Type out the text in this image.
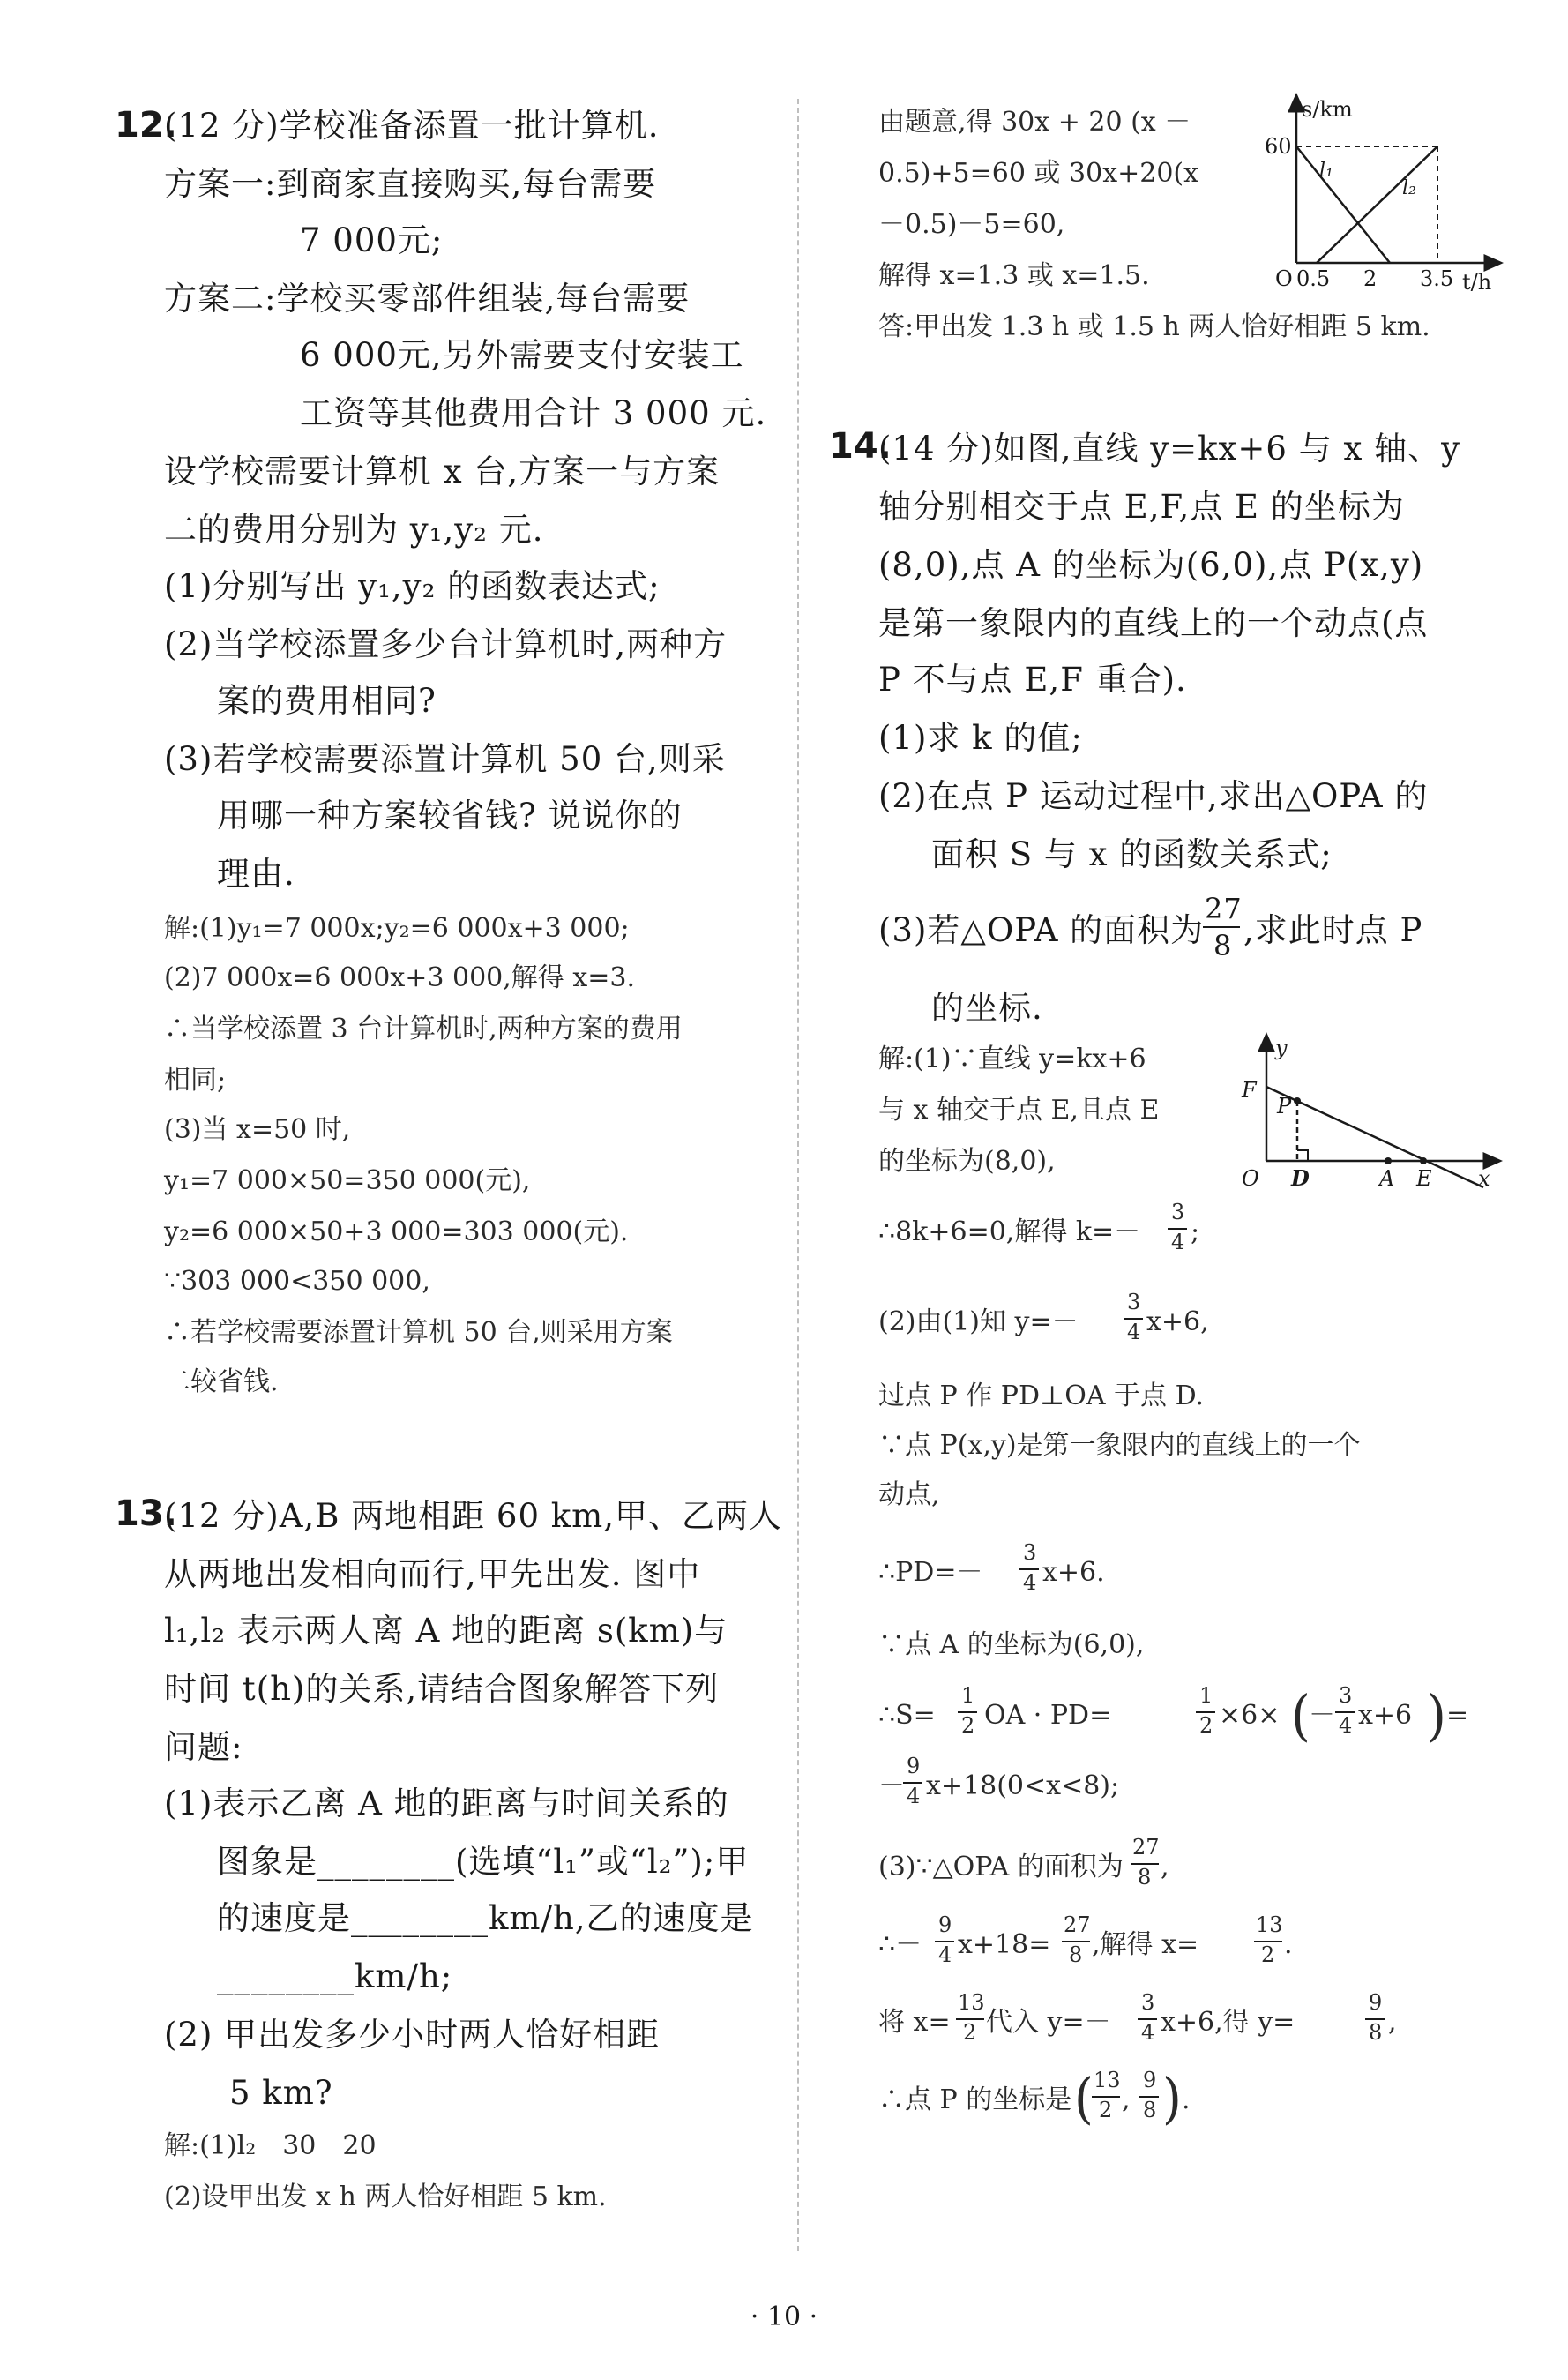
12.
(12 分)学校准备添置一批计算机.
方案一:到商家直接购买,每台需要
7 000元;
方案二:学校买零部件组装,每台需要
6 000元,另外需要支付安装工
工资等其他费用合计 3 000 元.
设学校需要计算机 x 台,方案一与方案
二的费用分别为 y₁,y₂ 元.
(1)分别写出 y₁,y₂ 的函数表达式;
(2)当学校添置多少台计算机时,两种方
案的费用相同?
(3)若学校需要添置计算机 50 台,则采
用哪一种方案较省钱? 说说你的
理由.
解:(1)y₁=7 000x;y₂=6 000x+3 000;
(2)7 000x=6 000x+3 000,解得 x=3.
∴当学校添置 3 台计算机时,两种方案的费用
相同;
(3)当 x=50 时,
y₁=7 000×50=350 000(元),
y₂=6 000×50+3 000=303 000(元).
∵303 000<350 000,
∴若学校需要添置计算机 50 台,则采用方案
二较省钱.
13.
(12 分)A,B 两地相距 60 km,甲、乙两人
从两地出发相向而行,甲先出发. 图中
l₁,l₂ 表示两人离 A 地的距离 s(km)与
时间 t(h)的关系,请结合图象解答下列
问题:
(1)表示乙离 A 地的距离与时间关系的
图象是________(选填“l₁”或“l₂”);甲
的速度是________km/h,乙的速度是
________km/h;
(2) 甲出发多少小时两人恰好相距
5 km?
解:(1)l₂　30　20
(2)设甲出发 x h 两人恰好相距 5 km.
由题意,得 30x + 20 (x －
0.5)+5=60 或 30x+20(x
－0.5)－5=60,
解得 x=1.3 或 x=1.5.
答:甲出发 1.3 h 或 1.5 h 两人恰好相距 5 km.
s/km
t/h
O
60
0.5 2 3.5
l₁
l₂
14.
(14 分)如图,直线 y=kx+6 与 x 轴、y
轴分别相交于点 E,F,点 E 的坐标为
(8,0),点 A 的坐标为(6,0),点 P(x,y)
是第一象限内的直线上的一个动点(点
P 不与点 E,F 重合).
(1)求 k 的值;
(2)在点 P 运动过程中,求出△OPA 的
面积 S 与 x 的函数关系式;
(3)若△OPA 的面积为
27
8 ,求此时点 P
的坐标.
解:(1)∵直线 y=kx+6
与 x 轴交于点 E,且点 E
的坐标为(8,0),
y
F
P
O D	A E x
∴8k+6=0,解得 k=－
3
4 ;
(2)由(1)知 y=－
3
4 x+6,
过点 P 作 PD⊥OA 于点 D.
∵点 P(x,y)是第一象限内的直线上的一个
动点,
∴PD=－
3
4 x+6.
∵点 A 的坐标为(6,0),
∴S=
1
2 OA · PD=
1
2 ×6× (
－
3
4 x+6 ) =
－
9
4 x+18(0<x<8);
(3)∵△OPA 的面积为
27
8 ,
∴－
9
4 x+18=
27
8 ,解得 x=
13
2 .
将 x=
13
2 代入 y=－
3
4 x+6,得 y=
9
8 ,
∴点 P 的坐标是 ( 13
2 ,
9
8 ) .
· 10 ·
